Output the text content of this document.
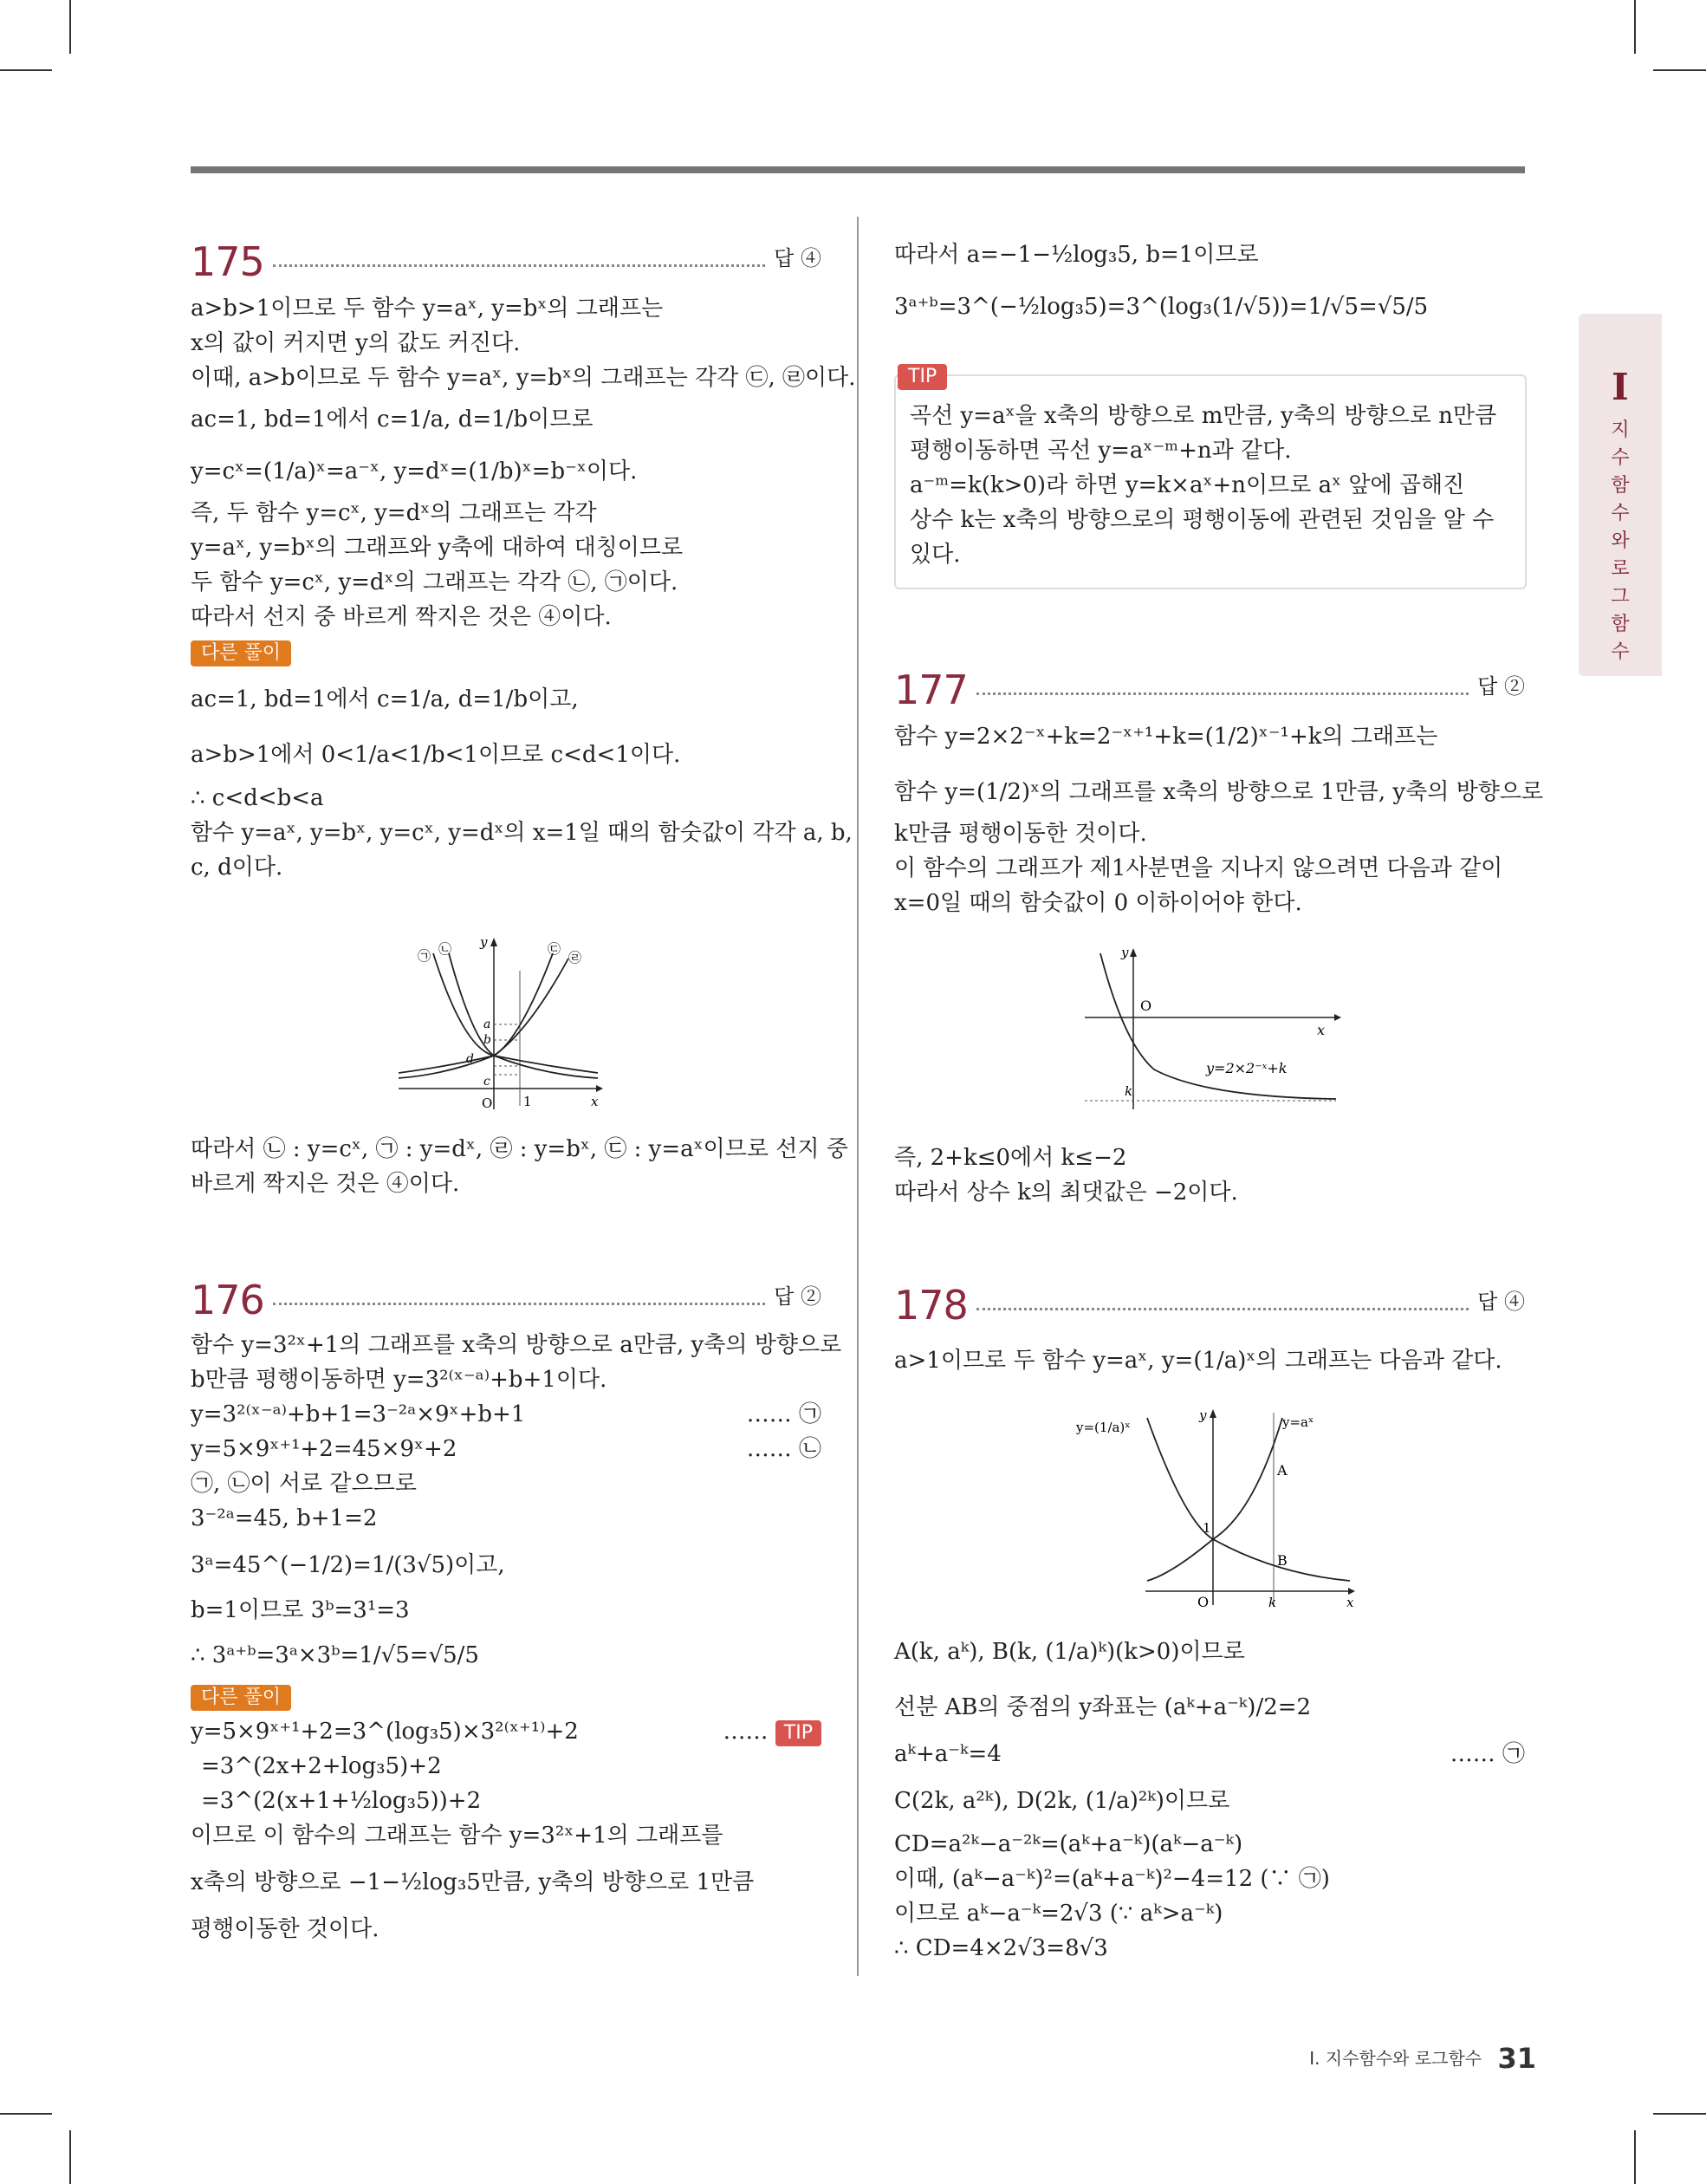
I
지수함수와 로그함수
175	답 ④

a>b>1이므로 두 함수 y=aˣ, y=bˣ의 그래프는

x의 값이 커지면 y의 값도 커진다.

이때, a>b이므로 두 함수 y=aˣ, y=bˣ의 그래프는 각각 ㉢, ㉣이다.

ac=1, bd=1에서 c=1/a, d=1/b이므로

y=cˣ=(1/a)ˣ=a⁻ˣ, y=dˣ=(1/b)ˣ=b⁻ˣ이다.

즉, 두 함수 y=cˣ, y=dˣ의 그래프는 각각

y=aˣ, y=bˣ의 그래프와 y축에 대하여 대칭이므로

두 함수 y=cˣ, y=dˣ의 그래프는 각각 ㉡, ㉠이다.

따라서 선지 중 바르게 짝지은 것은 ④이다.

다른 풀이

ac=1, bd=1에서 c=1/a, d=1/b이고,

a>b>1에서 0<1/a<1/b<1이므로 c<d<1이다.

∴ c<d<b<a

함수 y=aˣ, y=bˣ, y=cˣ, y=dˣ의 x=1일 때의 함숫값이 각각 a, b,

c, d이다.

㉠ ㉡	㉢
㉣
y
x
O 1
a
b
d
c

따라서 ㉡ : y=cˣ, ㉠ : y=dˣ, ㉣ : y=bˣ, ㉢ : y=aˣ이므로 선지 중

바르게 짝지은 것은 ④이다.

176	답 ②

함수 y=3²ˣ+1의 그래프를 x축의 방향으로 a만큼, y축의 방향으로

b만큼 평행이동하면 y=3²⁽ˣ⁻ᵃ⁾+b+1이다.

y=3²⁽ˣ⁻ᵃ⁾+b+1=3⁻²ᵃ×9ˣ+b+1	…… ㉠

y=5×9ˣ⁺¹+2=45×9ˣ+2	…… ㉡

㉠, ㉡이 서로 같으므로

3⁻²ᵃ=45, b+1=2

3ᵃ=45^(−1/2)=1/(3√5)이고,

b=1이므로 3ᵇ=3¹=3

∴ 3ᵃ⁺ᵇ=3ᵃ×3ᵇ=1/√5=√5/5

다른 풀이

y=5×9ˣ⁺¹+2=3^(log₃5)×3²⁽ˣ⁺¹⁾+2	…… TIP

=3^(2x+2+log₃5)+2

=3^(2(x+1+½log₃5))+2

이므로 이 함수의 그래프는 함수 y=3²ˣ+1의 그래프를

x축의 방향으로 −1−½log₃5만큼, y축의 방향으로 1만큼

평행이동한 것이다.

따라서 a=−1−½log₃5, b=1이므로

3ᵃ⁺ᵇ=3^(−½log₃5)=3^(log₃(1/√5))=1/√5=√5/5

곡선 y=aˣ을 x축의 방향으로 m만큼, y축의 방향으로 n만큼

평행이동하면 곡선 y=aˣ⁻ᵐ+n과 같다.

a⁻ᵐ=k(k>0)라 하면 y=k×aˣ+n이므로 aˣ 앞에 곱해진

상수 k는 x축의 방향으로의 평행이동에 관련된 것임을 알 수

있다.

TIP
177	답 ②

함수 y=2×2⁻ˣ+k=2⁻ˣ⁺¹+k=(1/2)ˣ⁻¹+k의 그래프는

함수 y=(1/2)ˣ의 그래프를 x축의 방향으로 1만큼, y축의 방향으로

k만큼 평행이동한 것이다.

이 함수의 그래프가 제1사분면을 지나지 않으려면 다음과 같이

x=0일 때의 함숫값이 0 이하이어야 한다.

y
O
x
k
y=2×2⁻ˣ+k

즉, 2+k≤0에서 k≤−2

따라서 상수 k의 최댓값은 −2이다.

178	답 ④

a>1이므로 두 함수 y=aˣ, y=(1/a)ˣ의 그래프는 다음과 같다.

y=(1/a)ˣ	y=aˣ
y
x
O	k
A
B
1

A(k, aᵏ), B(k, (1/a)ᵏ)(k>0)이므로

선분 AB의 중점의 y좌표는 (aᵏ+a⁻ᵏ)/2=2

aᵏ+a⁻ᵏ=4	…… ㉠

C(2k, a²ᵏ), D(2k, (1/a)²ᵏ)이므로

CD=a²ᵏ−a⁻²ᵏ=(aᵏ+a⁻ᵏ)(aᵏ−a⁻ᵏ)

이때, (aᵏ−a⁻ᵏ)²=(aᵏ+a⁻ᵏ)²−4=12 (∵ ㉠)

이므로 aᵏ−a⁻ᵏ=2√3 (∵ aᵏ>a⁻ᵏ)

∴ CD=4×2√3=8√3

Ⅰ. 지수함수와 로그함수 31
